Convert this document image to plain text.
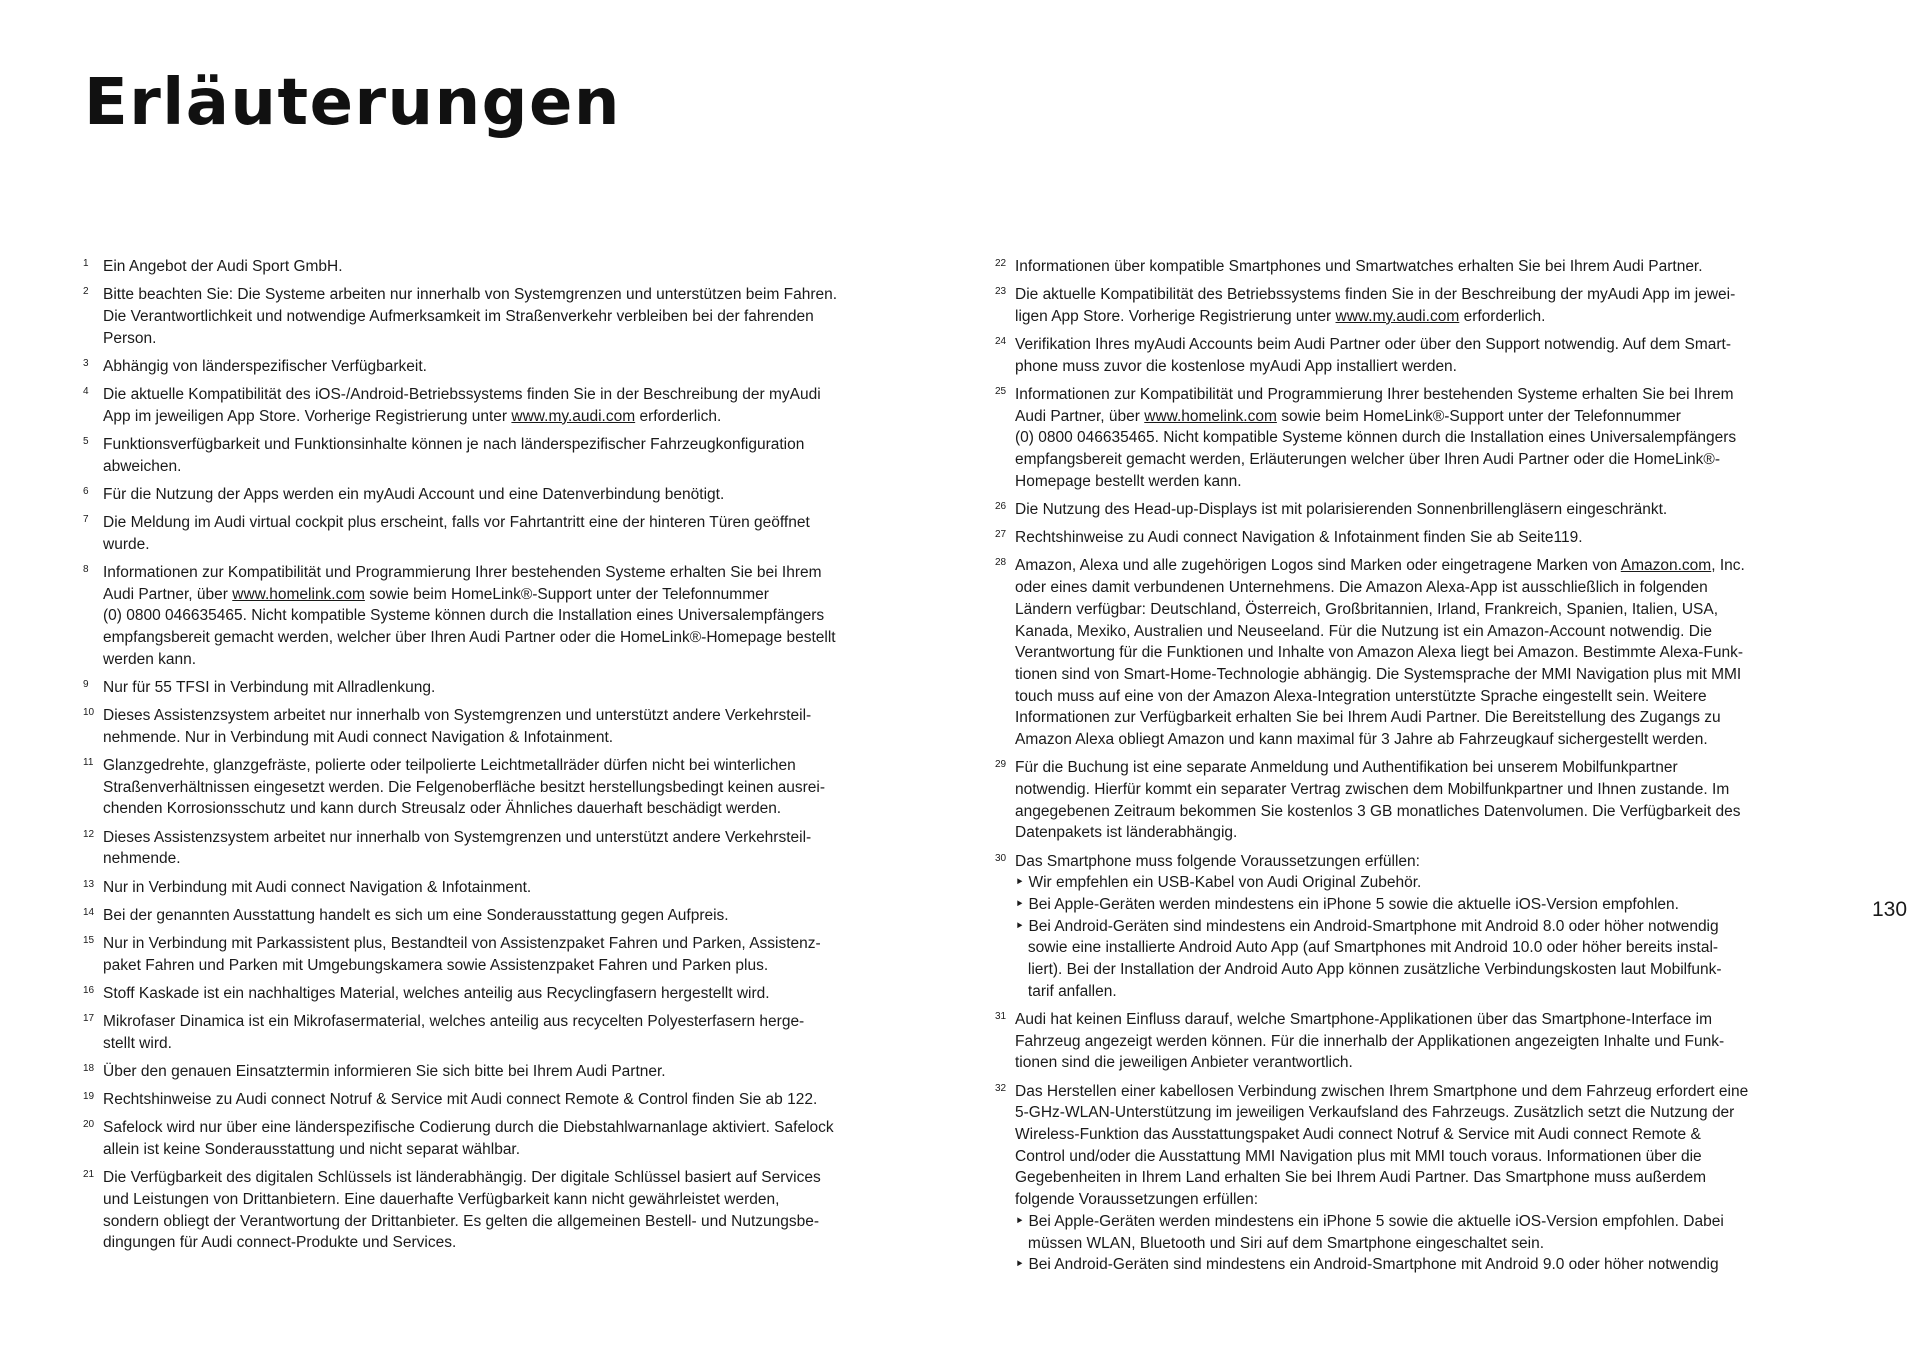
Erläuterungen
1 Ein Angebot der Audi Sport GmbH.
2 Bitte beachten Sie: Die Systeme arbeiten nur innerhalb von Systemgrenzen und unterstützen beim Fahren.
Die Verantwortlichkeit und notwendige Aufmerksamkeit im Straßenverkehr verbleiben bei der fahrenden
Person.
3 Abhängig von länderspezifischer Verfügbarkeit.
4 Die aktuelle Kompatibilität des iOS-/Android-Betriebssystems finden Sie in der Beschreibung der myAudi
App im jeweiligen App Store. Vorherige Registrierung unter www.my.audi.com erforderlich.
5 Funktionsverfügbarkeit und Funktionsinhalte können je nach länderspezifischer Fahrzeugkonfiguration
abweichen.
6 Für die Nutzung der Apps werden ein myAudi Account und eine Datenverbindung benötigt.
7 Die Meldung im Audi virtual cockpit plus erscheint, falls vor Fahrtantritt eine der hinteren Türen geöffnet
wurde.
8 Informationen zur Kompatibilität und Programmierung Ihrer bestehenden Systeme erhalten Sie bei Ihrem
Audi Partner, über www.homelink.com sowie beim HomeLink®-Support unter der Telefonnummer
(0) 0800 046635465. Nicht kompatible Systeme können durch die Installation eines Universalempfängers
empfangsbereit gemacht werden, welcher über Ihren Audi Partner oder die HomeLink®-Homepage bestellt
werden kann.
9 Nur für 55 TFSI in Verbindung mit Allradlenkung.
10 Dieses Assistenzsystem arbeitet nur innerhalb von Systemgrenzen und unterstützt andere Verkehrsteil-
nehmende. Nur in Verbindung mit Audi connect Navigation & Infotainment.
11 Glanzgedrehte, glanzgefräste, polierte oder teilpolierte Leichtmetallräder dürfen nicht bei winterlichen
Straßenverhältnissen eingesetzt werden. Die Felgenoberfläche besitzt herstellungsbedingt keinen ausrei-
chenden Korrosionsschutz und kann durch Streusalz oder Ähnliches dauerhaft beschädigt werden.
12 Dieses Assistenzsystem arbeitet nur innerhalb von Systemgrenzen und unterstützt andere Verkehrsteil-
nehmende.
13 Nur in Verbindung mit Audi connect Navigation & Infotainment.
14 Bei der genannten Ausstattung handelt es sich um eine Sonderausstattung gegen Aufpreis.
15 Nur in Verbindung mit Parkassistent plus, Bestandteil von Assistenzpaket Fahren und Parken, Assistenz-
paket Fahren und Parken mit Umgebungskamera sowie Assistenzpaket Fahren und Parken plus.
16 Stoff Kaskade ist ein nachhaltiges Material, welches anteilig aus Recyclingfasern hergestellt wird.
17 Mikrofaser Dinamica ist ein Mikrofasermaterial, welches anteilig aus recycelten Polyesterfasern herge-
stellt wird.
18 Über den genauen Einsatztermin informieren Sie sich bitte bei Ihrem Audi Partner.
19 Rechtshinweise zu Audi connect Notruf & Service mit Audi connect Remote & Control finden Sie ab 122.
20 Safelock wird nur über eine länderspezifische Codierung durch die Diebstahlwarnanlage aktiviert. Safelock
allein ist keine Sonderausstattung und nicht separat wählbar.
21 Die Verfügbarkeit des digitalen Schlüssels ist länderabhängig. Der digitale Schlüssel basiert auf Services
und Leistungen von Drittanbietern. Eine dauerhafte Verfügbarkeit kann nicht gewährleistet werden,
sondern obliegt der Verantwortung der Drittanbieter. Es gelten die allgemeinen Bestell- und Nutzungsbe-
dingungen für Audi connect-Produkte und Services.
22 Informationen über kompatible Smartphones und Smartwatches erhalten Sie bei Ihrem Audi Partner.
23 Die aktuelle Kompatibilität des Betriebssystems finden Sie in der Beschreibung der myAudi App im jewei-
ligen App Store. Vorherige Registrierung unter www.my.audi.com erforderlich.
24 Verifikation Ihres myAudi Accounts beim Audi Partner oder über den Support notwendig. Auf dem Smart-
phone muss zuvor die kostenlose myAudi App installiert werden.
25 Informationen zur Kompatibilität und Programmierung Ihrer bestehenden Systeme erhalten Sie bei Ihrem
Audi Partner, über www.homelink.com sowie beim HomeLink®-Support unter der Telefonnummer
(0) 0800 046635465. Nicht kompatible Systeme können durch die Installation eines Universalempfängers
empfangsbereit gemacht werden, Erläuterungen welcher über Ihren Audi Partner oder die HomeLink®-
Homepage bestellt werden kann.
26 Die Nutzung des Head-up-Displays ist mit polarisierenden Sonnenbrillengläsern eingeschränkt.
27 Rechtshinweise zu Audi connect Navigation & Infotainment finden Sie ab Seite119.
28 Amazon, Alexa und alle zugehörigen Logos sind Marken oder eingetragene Marken von Amazon.com, Inc.
oder eines damit verbundenen Unternehmens. Die Amazon Alexa-App ist ausschließlich in folgenden
Ländern verfügbar: Deutschland, Österreich, Großbritannien, Irland, Frankreich, Spanien, Italien, USA,
Kanada, Mexiko, Australien und Neuseeland. Für die Nutzung ist ein Amazon-Account notwendig. Die
Verantwortung für die Funktionen und Inhalte von Amazon Alexa liegt bei Amazon. Bestimmte Alexa-Funk-
tionen sind von Smart-Home-Technologie abhängig. Die Systemsprache der MMI Navigation plus mit MMI
touch muss auf eine von der Amazon Alexa-Integration unterstützte Sprache eingestellt sein. Weitere
Informationen zur Verfügbarkeit erhalten Sie bei Ihrem Audi Partner. Die Bereitstellung des Zugangs zu
Amazon Alexa obliegt Amazon und kann maximal für 3 Jahre ab Fahrzeugkauf sichergestellt werden.
29 Für die Buchung ist eine separate Anmeldung und Authentifikation bei unserem Mobilfunkpartner
notwendig. Hierfür kommt ein separater Vertrag zwischen dem Mobilfunkpartner und Ihnen zustande. Im
angegebenen Zeitraum bekommen Sie kostenlos 3 GB monatliches Datenvolumen. Die Verfügbarkeit des
Datenpakets ist länderabhängig.
30 Das Smartphone muss folgende Voraussetzungen erfüllen:
‣ Wir empfehlen ein USB-Kabel von Audi Original Zubehör.
‣ Bei Apple-Geräten werden mindestens ein iPhone 5 sowie die aktuelle iOS-Version empfohlen.
‣ Bei Android-Geräten sind mindestens ein Android-Smartphone mit Android 8.0 oder höher notwendig
sowie eine installierte Android Auto App (auf Smartphones mit Android 10.0 oder höher bereits instal-
liert). Bei der Installation der Android Auto App können zusätzliche Verbindungskosten laut Mobilfunk-
tarif anfallen.
31 Audi hat keinen Einfluss darauf, welche Smartphone-Applikationen über das Smartphone-Interface im
Fahrzeug angezeigt werden können. Für die innerhalb der Applikationen angezeigten Inhalte und Funk-
tionen sind die jeweiligen Anbieter verantwortlich.
32 Das Herstellen einer kabellosen Verbindung zwischen Ihrem Smartphone und dem Fahrzeug erfordert eine
5-GHz-WLAN-Unterstützung im jeweiligen Verkaufsland des Fahrzeugs. Zusätzlich setzt die Nutzung der
Wireless-Funktion das Ausstattungspaket Audi connect Notruf & Service mit Audi connect Remote &
Control und/oder die Ausstattung MMI Navigation plus mit MMI touch voraus. Informationen über die
Gegebenheiten in Ihrem Land erhalten Sie bei Ihrem Audi Partner. Das Smartphone muss außerdem
folgende Voraussetzungen erfüllen:
‣ Bei Apple-Geräten werden mindestens ein iPhone 5 sowie die aktuelle iOS-Version empfohlen. Dabei
müssen WLAN, Bluetooth und Siri auf dem Smartphone eingeschaltet sein.
‣ Bei Android-Geräten sind mindestens ein Android-Smartphone mit Android 9.0 oder höher notwendig
130
